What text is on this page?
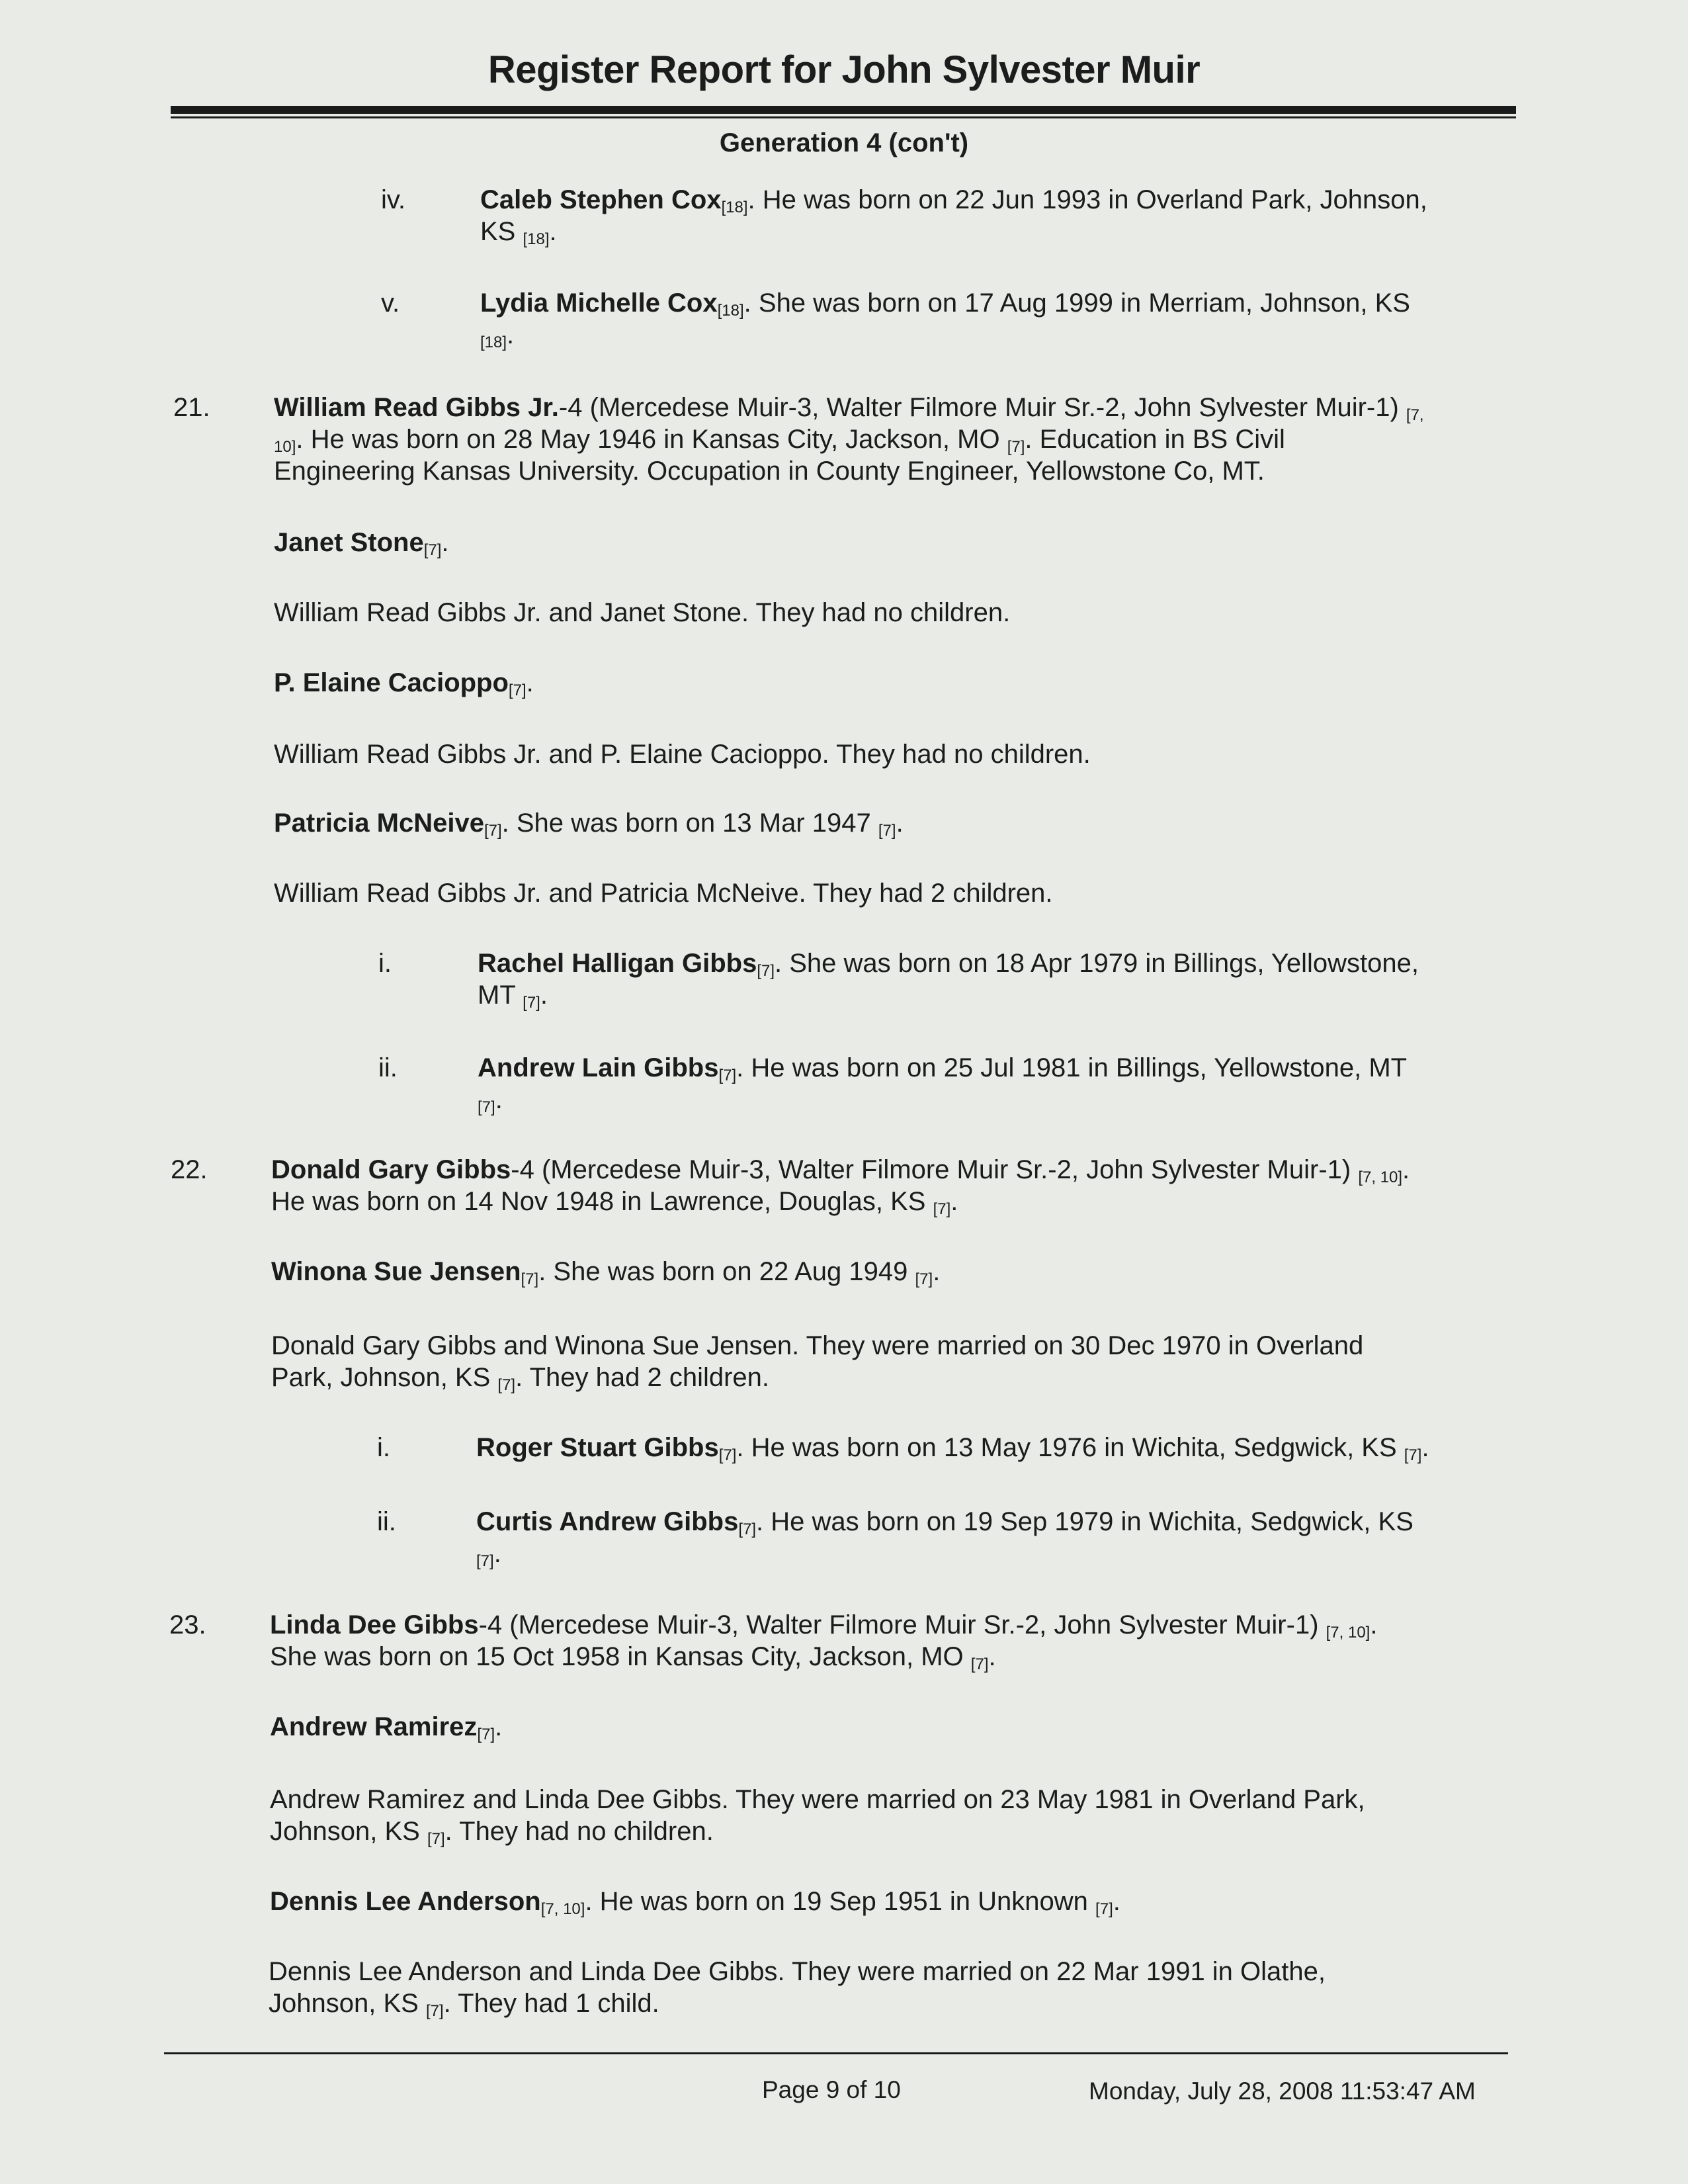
Register Report for John Sylvester Muir
Generation 4 (con't)
iv.	Caleb Stephen Cox$_{[18]}$. He was born on 22 Jun 1993 in Overland Park, Johnson,
KS $_{[18]}$.
v.	Lydia Michelle Cox$_{[18]}$. She was born on 17 Aug 1999 in Merriam, Johnson, KS
$_{[18]}$.
21. William Read Gibbs Jr.-4 (Mercedese Muir-3, Walter Filmore Muir Sr.-2, John Sylvester Muir-1) $_{[7,}$
$_{10]}$. He was born on 28 May 1946 in Kansas City, Jackson, MO $_{[7]}$. Education in BS Civil
Engineering Kansas University. Occupation in County Engineer, Yellowstone Co, MT.
Janet Stone$_{[7]}$.
William Read Gibbs Jr. and Janet Stone. They had no children.
P. Elaine Cacioppo$_{[7]}$.
William Read Gibbs Jr. and P. Elaine Cacioppo. They had no children.
Patricia McNeive$_{[7]}$. She was born on 13 Mar 1947 $_{[7]}$.
William Read Gibbs Jr. and Patricia McNeive. They had 2 children.
i.	Rachel Halligan Gibbs$_{[7]}$. She was born on 18 Apr 1979 in Billings, Yellowstone,
MT $_{[7]}$.
ii.	Andrew Lain Gibbs$_{[7]}$. He was born on 25 Jul 1981 in Billings, Yellowstone, MT
$_{[7]}$.
22. Donald Gary Gibbs-4 (Mercedese Muir-3, Walter Filmore Muir Sr.-2, John Sylvester Muir-1) $_{[7, 10]}$.
He was born on 14 Nov 1948 in Lawrence, Douglas, KS $_{[7]}$.
Winona Sue Jensen$_{[7]}$. She was born on 22 Aug 1949 $_{[7]}$.
Donald Gary Gibbs and Winona Sue Jensen. They were married on 30 Dec 1970 in Overland
Park, Johnson, KS $_{[7]}$. They had 2 children.
i.	Roger Stuart Gibbs$_{[7]}$. He was born on 13 May 1976 in Wichita, Sedgwick, KS $_{[7]}$.
ii.	Curtis Andrew Gibbs$_{[7]}$. He was born on 19 Sep 1979 in Wichita, Sedgwick, KS
$_{[7]}$.
23. Linda Dee Gibbs-4 (Mercedese Muir-3, Walter Filmore Muir Sr.-2, John Sylvester Muir-1) $_{[7, 10]}$.
She was born on 15 Oct 1958 in Kansas City, Jackson, MO $_{[7]}$.
Andrew Ramirez$_{[7]}$.
Andrew Ramirez and Linda Dee Gibbs. They were married on 23 May 1981 in Overland Park,
Johnson, KS $_{[7]}$. They had no children.
Dennis Lee Anderson$_{[7, 10]}$. He was born on 19 Sep 1951 in Unknown $_{[7]}$.
Dennis Lee Anderson and Linda Dee Gibbs. They were married on 22 Mar 1991 in Olathe,
Johnson, KS $_{[7]}$. They had 1 child.
Page 9 of 10	Monday, July 28, 2008 11:53:47 AM
